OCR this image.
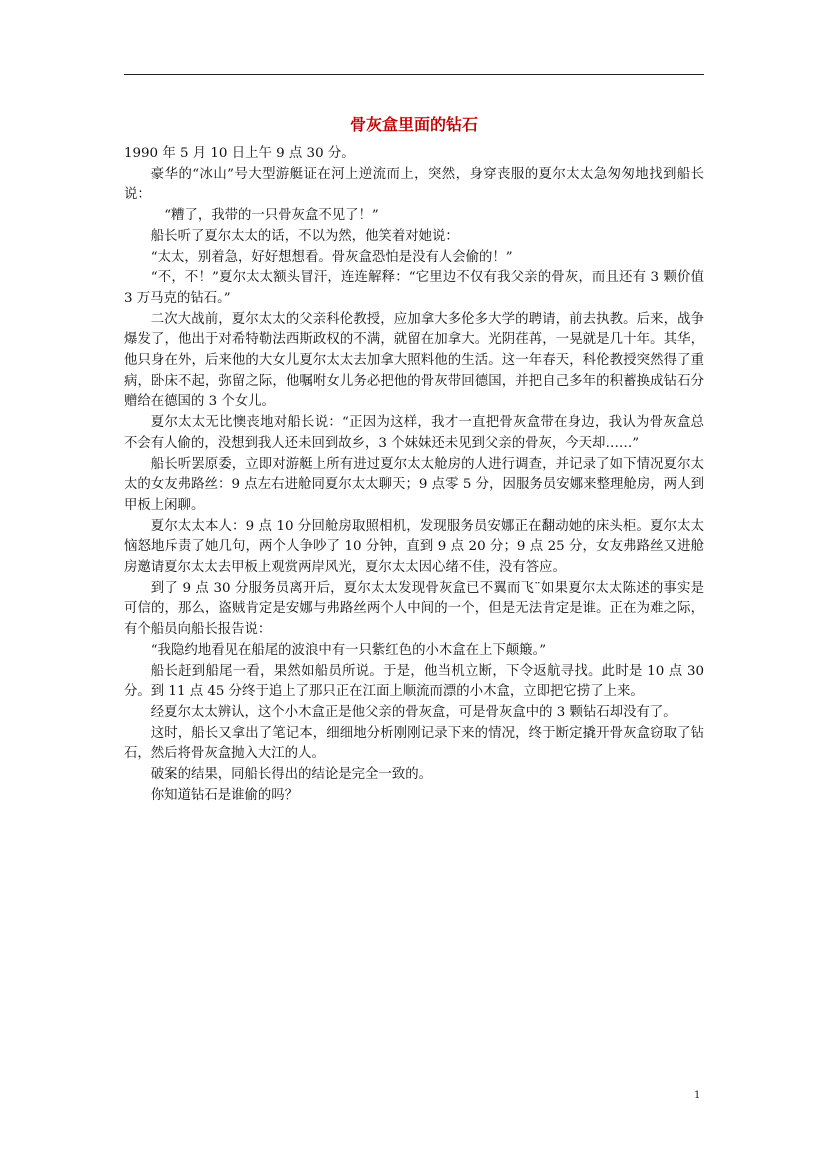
骨灰盒里面的钻石

1990 年 5 月 10 日上午 9 点 30 分。

豪华的“冰山”号大型游艇证在河上逆流而上，突然，身穿丧服的夏尔太太急匆匆地找到船长说：

“糟了，我带的一只骨灰盒不见了！”

船长听了夏尔太太的话，不以为然，他笑着对她说：

“太太，别着急，好好想想看。骨灰盒恐怕是没有人会偷的！”

“不，不！”夏尔太太额头冒汗，连连解释：“它里边不仅有我父亲的骨灰，而且还有 3 颗价值 3 万马克的钻石。”

二次大战前，夏尔太太的父亲科伦教授，应加拿大多伦多大学的聘请，前去执教。后来，战争爆发了，他出于对希特勒法西斯政权的不满，就留在加拿大。光阴荏苒，一晃就是几十年。其华，他只身在外，后来他的大女儿夏尔太太去加拿大照料他的生活。这一年春天，科伦教授突然得了重病，卧床不起，弥留之际，他嘱咐女儿务必把他的骨灰带回德国，并把自己多年的积蓄换成钻石分赠给在德国的 3 个女儿。

夏尔太太无比懊丧地对船长说：“正因为这样，我才一直把骨灰盒带在身边，我认为骨灰盒总不会有人偷的，没想到我人还未回到故乡，3 个妹妹还未见到父亲的骨灰，今天却……”

船长听罢原委，立即对游艇上所有进过夏尔太太舱房的人进行调查，并记录了如下情况夏尔太太的女友弗路丝：9 点左右进舱同夏尔太太聊天；9 点零 5 分，因服务员安娜来整理舱房，两人到甲板上闲聊。

夏尔太太本人：9 点 10 分回舱房取照相机，发现服务员安娜正在翻动她的床头柜。夏尔太太恼怒地斥责了她几句，两个人争吵了 10 分钟，直到 9 点 20 分；9 点 25 分，女友弗路丝又进舱房邀请夏尔太太去甲板上观赏两岸风光，夏尔太太因心绪不佳，没有答应。

到了 9 点 30 分服务员离开后，夏尔太太发现骨灰盒已不翼而飞¨如果夏尔太太陈述的事实是可信的，那么，盗贼肯定是安娜与弗路丝两个人中间的一个，但是无法肯定是谁。正在为难之际，有个船员向船长报告说：

“我隐约地看见在船尾的波浪中有一只紫红色的小木盒在上下颠簸。”

船长赶到船尾一看，果然如船员所说。于是，他当机立断，下令返航寻找。此时是 10 点 30 分。到 11 点 45 分终于追上了那只正在江面上顺流而漂的小木盒，立即把它捞了上来。

经夏尔太太辨认，这个小木盒正是他父亲的骨灰盒，可是骨灰盒中的 3 颗钻石却没有了。

这时，船长又拿出了笔记本，细细地分析刚刚记录下来的情况，终于断定撬开骨灰盒窃取了钻石，然后将骨灰盒抛入大江的人。

破案的结果，同船长得出的结论是完全一致的。

你知道钻石是谁偷的吗？

1
